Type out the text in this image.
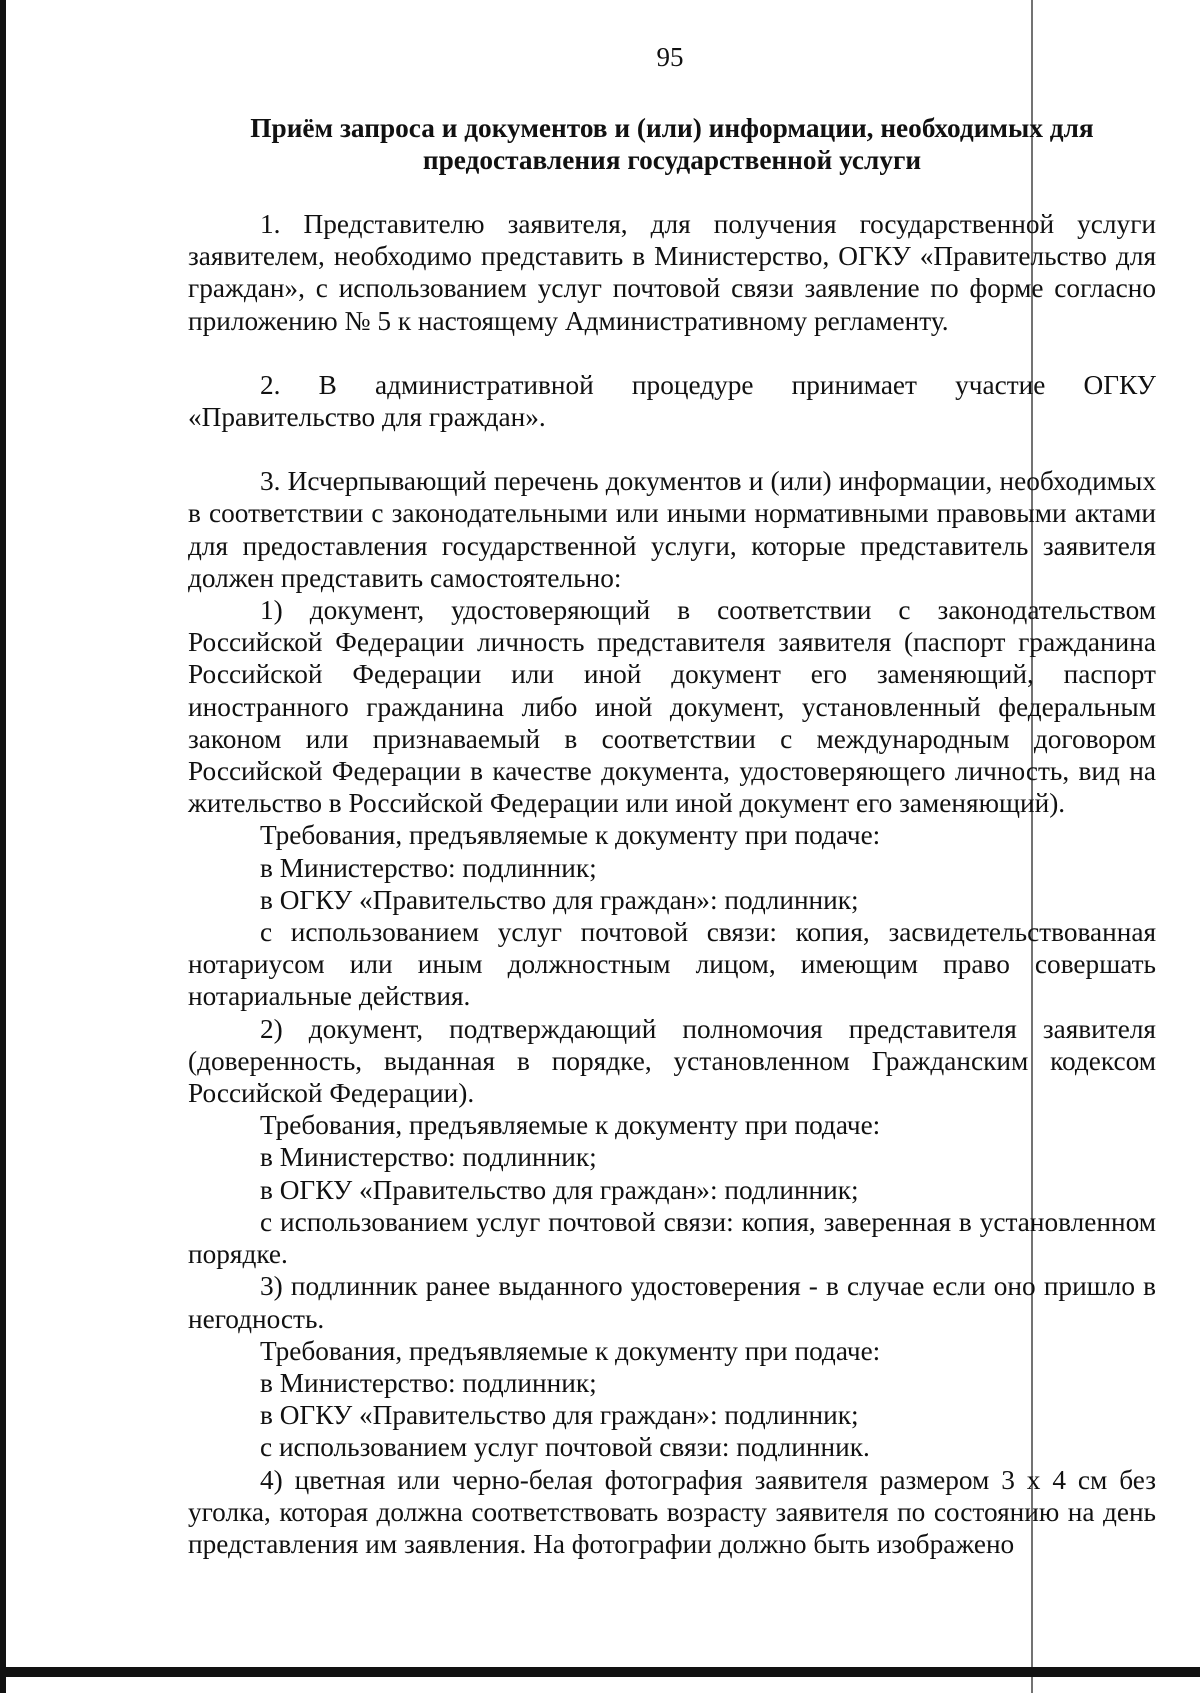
95
Приём запроса и документов и (или) информации, необходимых для предоставления государственной услуги

1. Представителю заявителя, для получения государственной услуги заявителем, необходимо представить в Министерство, ОГКУ «Правительство для граждан», с использованием услуг почтовой связи заявление по форме согласно приложению № 5 к настоящему Административному регламенту.

2. В административной процедуре принимает участие ОГКУ «Правительство для граждан».

3. Исчерпывающий перечень документов и (или) информации, необходимых в соответствии с законодательными или иными нормативными правовыми актами для предоставления государственной услуги, которые представитель заявителя должен представить самостоятельно:

1) документ, удостоверяющий в соответствии с законодательством Российской Федерации личность представителя заявителя (паспорт гражданина Российской Федерации или иной документ его заменяющий, паспорт иностранного гражданина либо иной документ, установленный федеральным законом или признаваемый в соответствии с международным договором Российской Федерации в качестве документа, удостоверяющего личность, вид на жительство в Российской Федерации или иной документ его заменяющий).

Требования, предъявляемые к документу при подаче:

в Министерство: подлинник;

в ОГКУ «Правительство для граждан»: подлинник;

с использованием услуг почтовой связи: копия, засвидетельствованная нотариусом или иным должностным лицом, имеющим право совершать нотариальные действия.

2) документ, подтверждающий полномочия представителя заявителя (доверенность, выданная в порядке, установленном Гражданским кодексом Российской Федерации).

Требования, предъявляемые к документу при подаче:

в Министерство: подлинник;

в ОГКУ «Правительство для граждан»: подлинник;

с использованием услуг почтовой связи: копия, заверенная в установленном порядке.

3) подлинник ранее выданного удостоверения - в случае если оно пришло в негодность.

Требования, предъявляемые к документу при подаче:

в Министерство: подлинник;

в ОГКУ «Правительство для граждан»: подлинник;

с использованием услуг почтовой связи: подлинник.

4) цветная или черно-белая фотография заявителя размером 3 х 4 см без уголка, которая должна соответствовать возрасту заявителя по состоянию на день представления им заявления. На фотографии должно быть изображено
